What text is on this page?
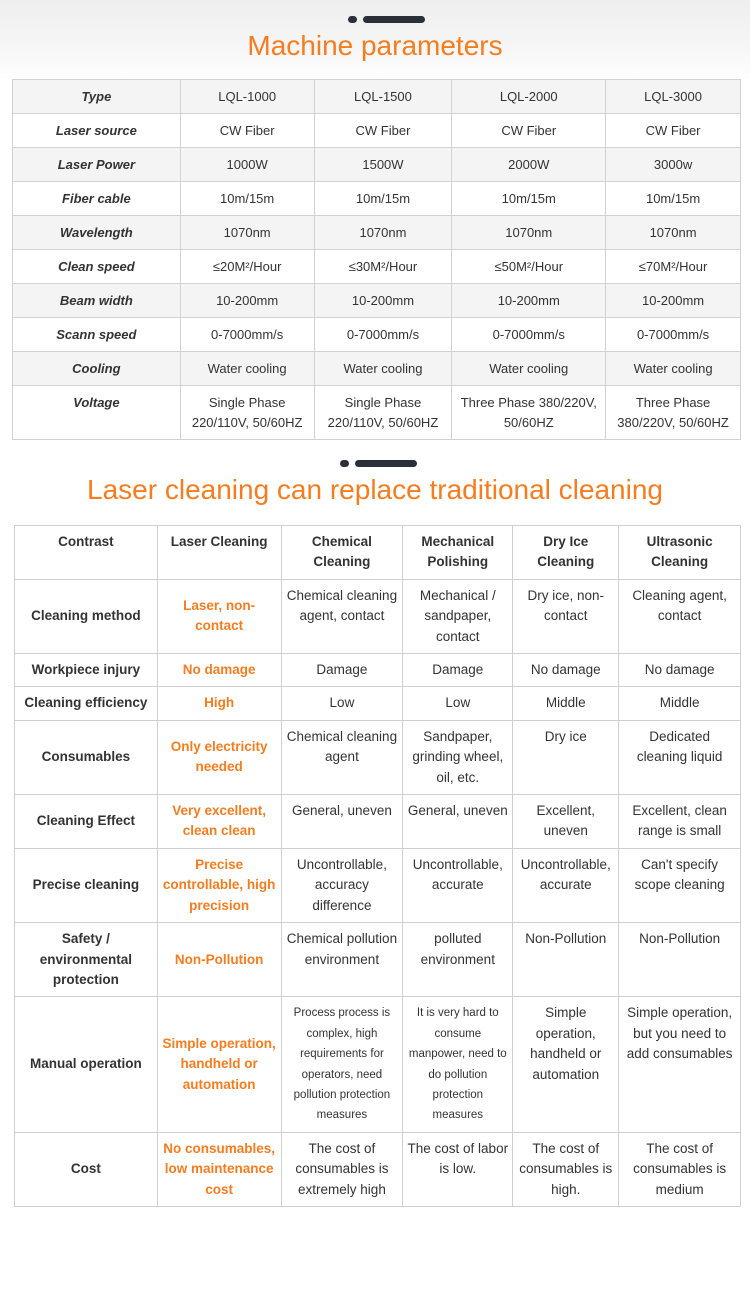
Machine parameters
Type	LQL-1000	LQL-1500	LQL-2000	LQL-3000
Laser source	CW Fiber	CW Fiber	CW Fiber	CW Fiber
Laser Power	1000W	1500W	2000W	3000w
Fiber cable	10m/15m	10m/15m	10m/15m	10m/15m
Wavelength	1070nm	1070nm	1070nm	1070nm
Clean speed	≤20M²/Hour	≤30M²/Hour	≤50M²/Hour	≤70M²/Hour
Beam width	10-200mm	10-200mm	10-200mm	10-200mm
Scann speed	0-7000mm/s	0-7000mm/s	0-7000mm/s	0-7000mm/s
Cooling	Water cooling	Water cooling	Water cooling	Water cooling
Voltage	Single Phase 220/110V, 50/60HZ	Single Phase 220/110V, 50/60HZ	Three Phase 380/220V, 50/60HZ	Three Phase 380/220V, 50/60HZ
Laser cleaning can replace traditional cleaning
Contrast	Laser Cleaning	Chemical Cleaning	Mechanical Polishing	Dry Ice Cleaning	Ultrasonic Cleaning
Cleaning method	Laser, non-contact	Chemical cleaning agent, contact	Mechanical / sandpaper, contact	Dry ice, non-contact	Cleaning agent, contact
Workpiece injury	No damage	Damage	Damage	No damage	No damage
Cleaning efficiency	High	Low	Low	Middle	Middle
Consumables	Only electricity needed	Chemical cleaning agent	Sandpaper, grinding wheel, oil, etc.	Dry ice	Dedicated cleaning liquid
Cleaning Effect	Very excellent, clean clean	General, uneven	General, uneven	Excellent, uneven	Excellent, clean range is small
Precise cleaning	Precise controllable, high precision	Uncontrollable, accuracy difference	Uncontrollable, accurate	Uncontrollable, accurate	Can't specify scope cleaning
Safety / environmental protection	Non-Pollution	Chemical pollution environment	polluted environment	Non-Pollution	Non-Pollution
Manual operation	Simple operation, handheld or automation	Process process is complex, high requirements for operators, need pollution protection measures	It is very hard to consume manpower, need to do pollution protection measures	Simple operation, handheld or automation	Simple operation, but you need to add consumables
Cost	No consumables, low maintenance cost	The cost of consumables is extremely high	The cost of labor is low.	The cost of consumables is high.	The cost of consumables is medium
